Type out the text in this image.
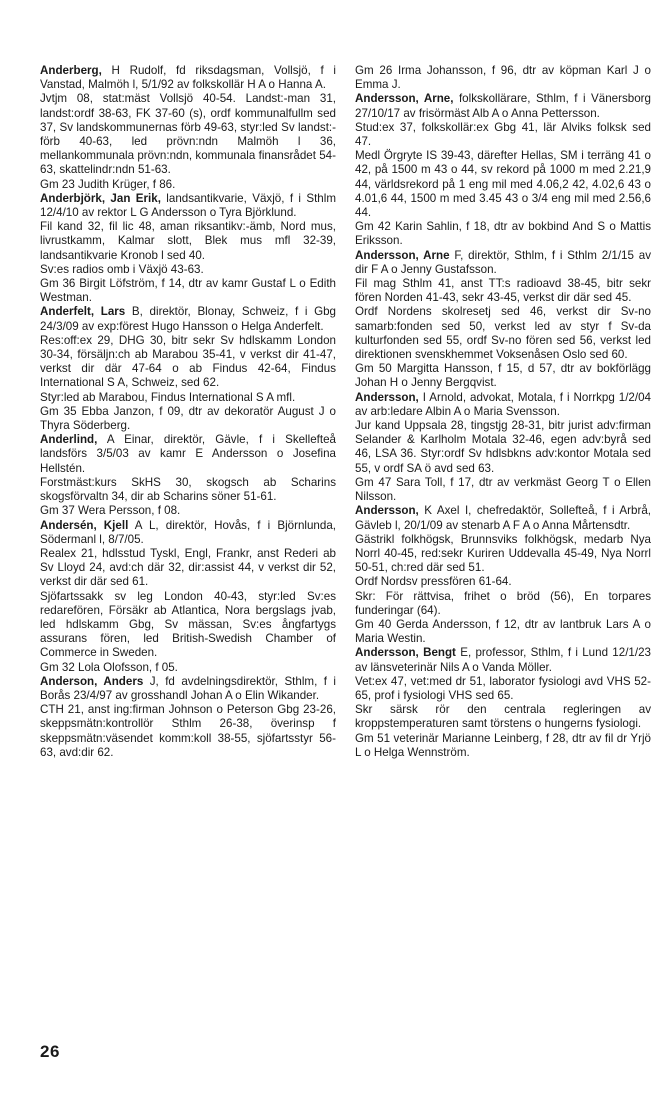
Anderberg, H Rudolf, fd riksdagsman, Vollsjö, f i Vanstad, Malmöh l, 5/1/92 av folkskollär H A o Hanna A.

Jvtjm 08, stat:mäst Vollsjö 40-54. Landst:-man 31, landst:ordf 38-63, FK 37-60 (s), ordf kommunalfullm sed 37, Sv landskommunernas förb 49-63, styr:led Sv landst:-förb 40-63, led prövn:ndn Malmöh l 36, mellankommunala prövn:ndn, kommunala finansrådet 54-63, skattelindr:ndn 51-63.

Gm 23 Judith Krüger, f 86.

Anderbjörk, Jan Erik, landsantikvarie, Växjö, f i Sthlm 12/4/10 av rektor L G Andersson o Tyra Björklund.

Fil kand 32, fil lic 48, aman riksantikv:-ämb, Nord mus, livrustkamm, Kalmar slott, Blek mus mfl 32-39, landsantikvarie Kronob l sed 40.

Sv:es radios omb i Växjö 43-63.

Gm 36 Birgit Löfström, f 14, dtr av kamr Gustaf L o Edith Westman.

Anderfelt, Lars B, direktör, Blonay, Schweiz, f i Gbg 24/3/09 av exp:förest Hugo Hansson o Helga Anderfelt.

Res:off:ex 29, DHG 30, bitr sekr Sv hdlskamm London 30-34, försäljn:ch ab Marabou 35-41, v verkst dir 41-47, verkst dir där 47-64 o ab Findus 42-64, Findus International S A, Schweiz, sed 62.

Styr:led ab Marabou, Findus International S A mfl.

Gm 35 Ebba Janzon, f 09, dtr av dekoratör August J o Thyra Söderberg.

Anderlind, A Einar, direktör, Gävle, f i Skellefteå landsförs 3/5/03 av kamr E Andersson o Josefina Hellstén.

Forstmäst:kurs SkHS 30, skogsch ab Scharins skogsförvaltn 34, dir ab Scharins söner 51-61.

Gm 37 Wera Persson, f 08.

Andersén, Kjell A L, direktör, Hovås, f i Björnlunda, Södermanl l, 8/7/05.

Realex 21, hdlsstud Tyskl, Engl, Frankr, anst Rederi ab Sv Lloyd 24, avd:ch där 32, dir:assist 44, v verkst dir 52, verkst dir där sed 61.

Sjöfartssakk sv leg London 40-43, styr:led Sv:es redarefören, Försäkr ab Atlantica, Nora bergslags jvab, led hdlskamm Gbg, Sv mässan, Sv:es ångfartygs assurans fören, led British-Swedish Chamber of Commerce in Sweden.

Gm 32 Lola Olofsson, f 05.

Anderson, Anders J, fd avdelningsdirektör, Sthlm, f i Borås 23/4/97 av grosshandl Johan A o Elin Wikander.

CTH 21, anst ing:firman Johnson o Peterson Gbg 23-26, skeppsmätn:kontrollör Sthlm 26-38, överinsp f skeppsmätn:väsendet komm:koll 38-55, sjöfartsstyr 56-63, avd:dir 62.

Gm 26 Irma Johansson, f 96, dtr av köpman Karl J o Emma J.

Andersson, Arne, folkskollärare, Sthlm, f i Vänersborg 27/10/17 av frisörmäst Alb A o Anna Pettersson.

Stud:ex 37, folkskollär:ex Gbg 41, lär Alviks folksk sed 47.

Medl Örgryte IS 39-43, därefter Hellas, SM i terräng 41 o 42, på 1500 m 43 o 44, sv rekord på 1000 m med 2.21,9 44, världsrekord på 1 eng mil med 4.06,2 42, 4.02,6 43 o 4.01,6 44, 1500 m med 3.45 43 o 3/4 eng mil med 2.56,6 44.

Gm 42 Karin Sahlin, f 18, dtr av bokbind And S o Mattis Eriksson.

Andersson, Arne F, direktör, Sthlm, f i Sthlm 2/1/15 av dir F A o Jenny Gustafsson.

Fil mag Sthlm 41, anst TT:s radioavd 38-45, bitr sekr fören Norden 41-43, sekr 43-45, verkst dir där sed 45.

Ordf Nordens skolresetj sed 46, verkst dir Sv-no samarb:fonden sed 50, verkst led av styr f Sv-da kulturfonden sed 55, ordf Sv-no fören sed 56, verkst led direktionen svenskhemmet Voksenåsen Oslo sed 60.

Gm 50 Margitta Hansson, f 15, d 57, dtr av bokförlägg Johan H o Jenny Bergqvist.

Andersson, I Arnold, advokat, Motala, f i Norrkpg 1/2/04 av arb:ledare Albin A o Maria Svensson.

Jur kand Uppsala 28, tingstjg 28-31, bitr jurist adv:firman Selander & Karlholm Motala 32-46, egen adv:byrå sed 46, LSA 36. Styr:ordf Sv hdlsbkns adv:kontor Motala sed 55, v ordf SA ö avd sed 63.

Gm 47 Sara Toll, f 17, dtr av verkmäst Georg T o Ellen Nilsson.

Andersson, K Axel I, chefredaktör, Solleftеå, f i Arbrå, Gävleb l, 20/1/09 av stenarb A F A o Anna Mårtensdtr.

Gästrikl folkhögsk, Brunnsviks folkhögsk, medarb Nya Norrl 40-45, red:sekr Kuriren Uddevalla 45-49, Nya Norrl 50-51, ch:red där sed 51.

Ordf Nordsv pressfören 61-64.

Skr: För rättvisa, frihet o bröd (56), En torpares funderingar (64).

Gm 40 Gerda Andersson, f 12, dtr av lantbruk Lars A o Maria Westin.

Andersson, Bengt E, professor, Sthlm, f i Lund 12/1/23 av länsveterinär Nils A o Vanda Möller.

Vet:ex 47, vet:med dr 51, laborator fysiologi avd VHS 52-65, prof i fysiologi VHS sed 65.

Skr särsk rör den centrala regleringen av kroppstemperaturen samt törstens o hungerns fysiologi.

Gm 51 veterinär Marianne Leinberg, f 28, dtr av fil dr Yrjö L o Helga Wennström.

26
